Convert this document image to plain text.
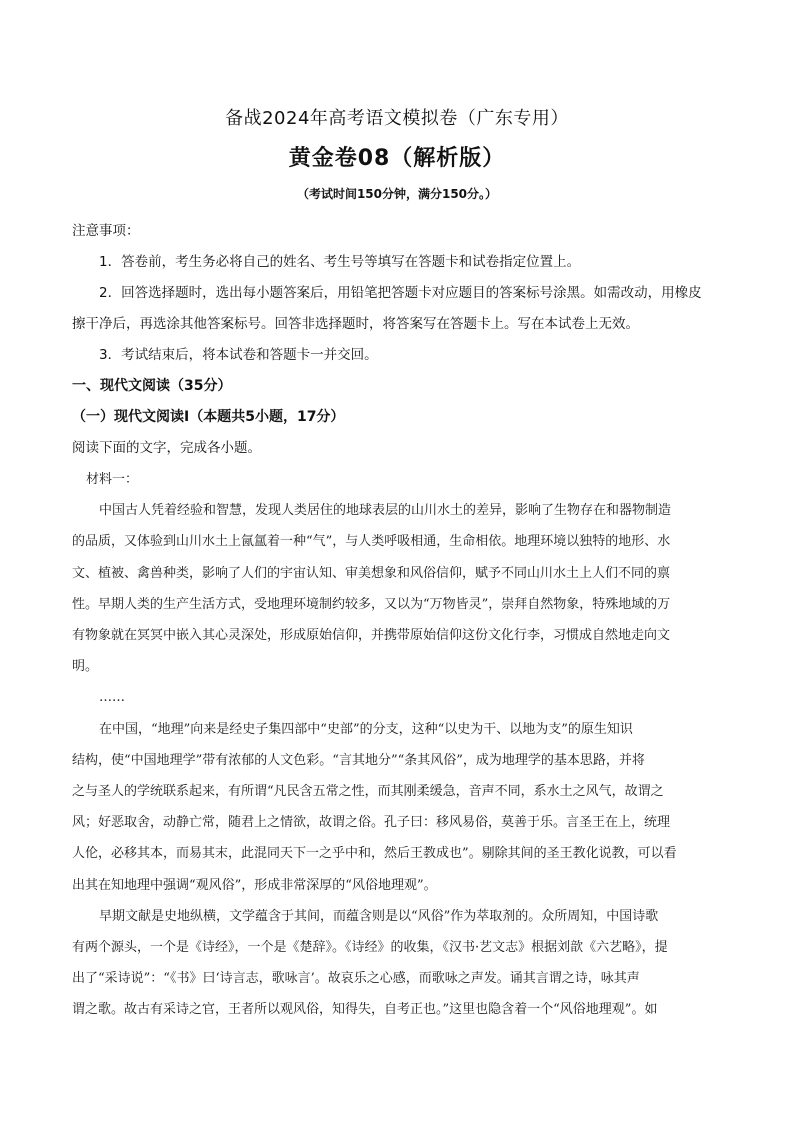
备战2024年高考语文模拟卷（广东专用）
黄金卷08（解析版）
（考试时间150分钟，满分150分。）
注意事项：
1．答卷前，考生务必将自己的姓名、考生号等填写在答题卡和试卷指定位置上。
2．回答选择题时，选出每小题答案后，用铅笔把答题卡对应题目的答案标号涂黑。如需改动，用橡皮
擦干净后，再选涂其他答案标号。回答非选择题时，将答案写在答题卡上。写在本试卷上无效。
3．考试结束后，将本试卷和答题卡一并交回。
一、现代文阅读（35分）
（一）现代文阅读Ⅰ（本题共5小题，17分）
阅读下面的文字，完成各小题。
材料一：
中国古人凭着经验和智慧，发现人类居住的地球表层的山川水土的差异，影响了生物存在和器物制造
的品质，又体验到山川水土上氤氲着一种“气”，与人类呼吸相通，生命相依。地理环境以独特的地形、水
文、植被、禽兽种类，影响了人们的宇宙认知、审美想象和风俗信仰，赋予不同山川水土上人们不同的禀
性。早期人类的生产生活方式，受地理环境制约较多，又以为“万物皆灵”，崇拜自然物象，特殊地域的万
有物象就在冥冥中嵌入其心灵深处，形成原始信仰，并携带原始信仰这份文化行李，习惯成自然地走向文
明。
……
在中国，“地理”向来是经史子集四部中“史部”的分支，这种“以史为干、以地为支”的原生知识
结构，使“中国地理学”带有浓郁的人文色彩。“言其地分”“条其风俗”，成为地理学的基本思路，并将
之与圣人的学统联系起来，有所谓“凡民含五常之性，而其刚柔缓急，音声不同，系水土之风气，故谓之
风；好恶取舍，动静亡常，随君上之情欲，故谓之俗。孔子曰：移风易俗，莫善于乐。言圣王在上，统理
人伦，必移其本，而易其末，此混同天下一之乎中和，然后王教成也”。剔除其间的圣王教化说教，可以看
出其在知地理中强调“观风俗”，形成非常深厚的“风俗地理观”。
早期文献是史地纵横，文学蕴含于其间，而蕴含则是以“风俗”作为萃取剂的。众所周知，中国诗歌
有两个源头，一个是《诗经》，一个是《楚辞》。《诗经》的收集，《汉书·艺文志》根据刘歆《六艺略》，提
出了“采诗说”：“《书》曰‘诗言志，歌咏言’。故哀乐之心感，而歌咏之声发。诵其言谓之诗，咏其声
谓之歌。故古有采诗之官，王者所以观风俗，知得失，自考正也。”这里也隐含着一个“风俗地理观”。如
